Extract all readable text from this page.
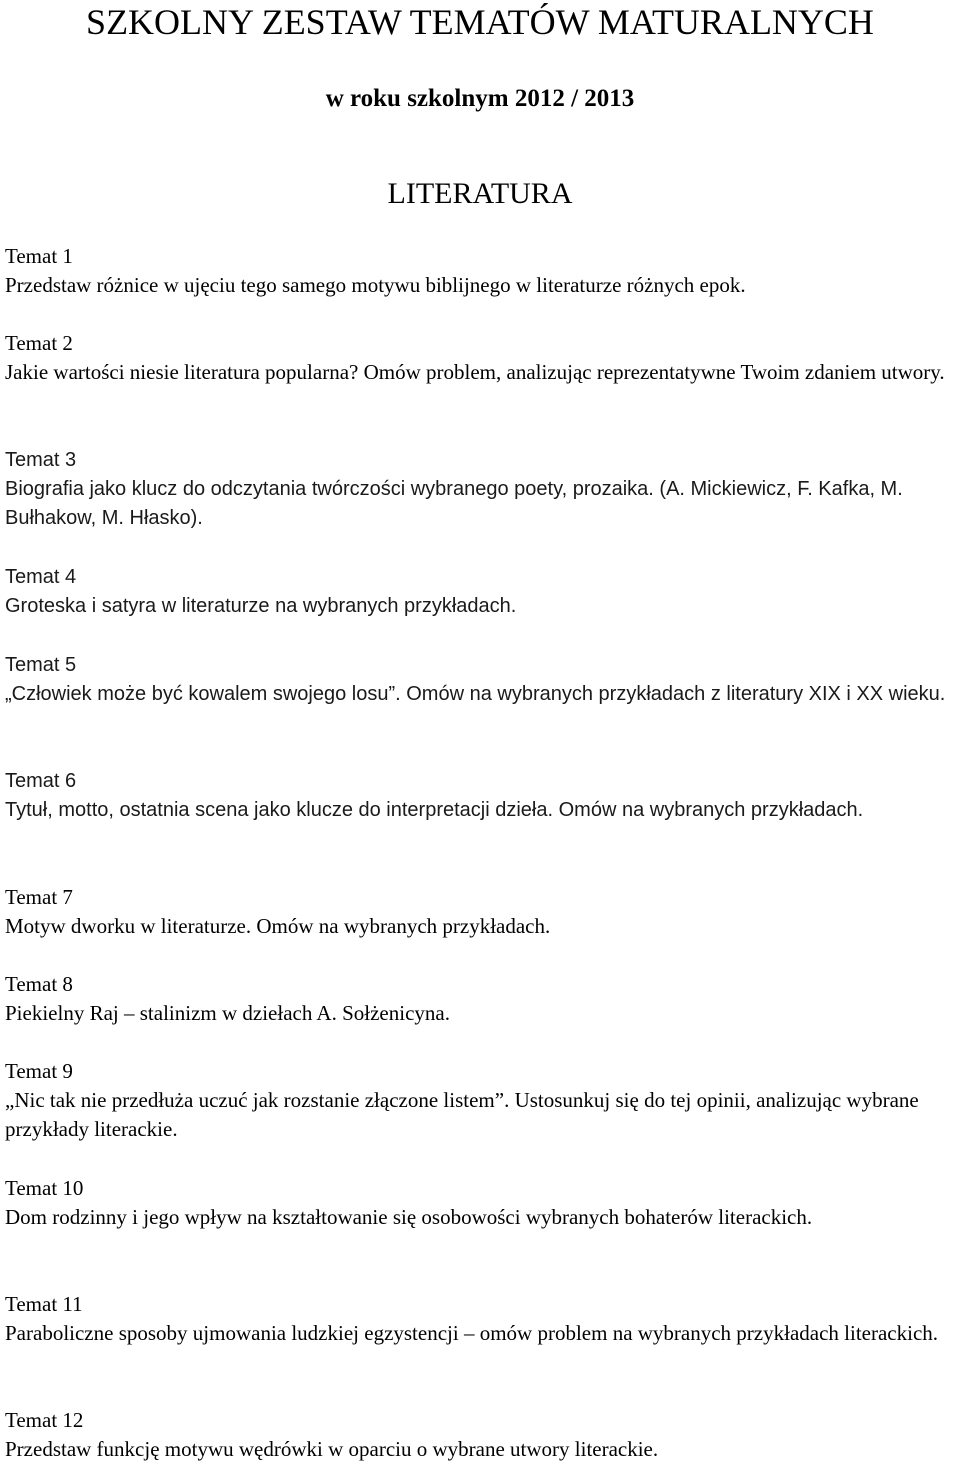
SZKOLNY ZESTAW TEMATÓW MATURALNYCH
w roku szkolnym 2012 / 2013
LITERATURA
Temat 1
Przedstaw różnice w ujęciu tego samego motywu biblijnego w literaturze różnych epok.
Temat 2
Jakie wartości niesie literatura popularna? Omów problem, analizując reprezentatywne Twoim zdaniem utwory.
Temat 3
Biografia jako klucz do odczytania twórczości wybranego poety, prozaika. (A. Mickiewicz, F. Kafka, M. Bułhakow, M. Hłasko).
Temat 4
Groteska i satyra w literaturze na wybranych przykładach.
Temat 5
„Człowiek może być kowalem swojego losu”. Omów na wybranych przykładach z literatury XIX i XX wieku.
Temat 6
Tytuł, motto, ostatnia scena jako klucze do interpretacji dzieła. Omów na wybranych przykładach.
Temat 7
Motyw dworku w literaturze. Omów na wybranych przykładach.
Temat 8
Piekielny Raj – stalinizm w dziełach A. Sołżenicyna.
Temat 9
„Nic tak nie przedłuża uczuć jak rozstanie złączone listem”. Ustosunkuj się do tej opinii, analizując wybrane przykłady literackie.
Temat 10
Dom rodzinny i jego wpływ na kształtowanie się osobowości wybranych bohaterów literackich.
Temat 11
Paraboliczne sposoby ujmowania ludzkiej egzystencji – omów problem na wybranych przykładach literackich.
Temat 12
Przedstaw funkcję motywu wędrówki w oparciu o wybrane utwory literackie.
